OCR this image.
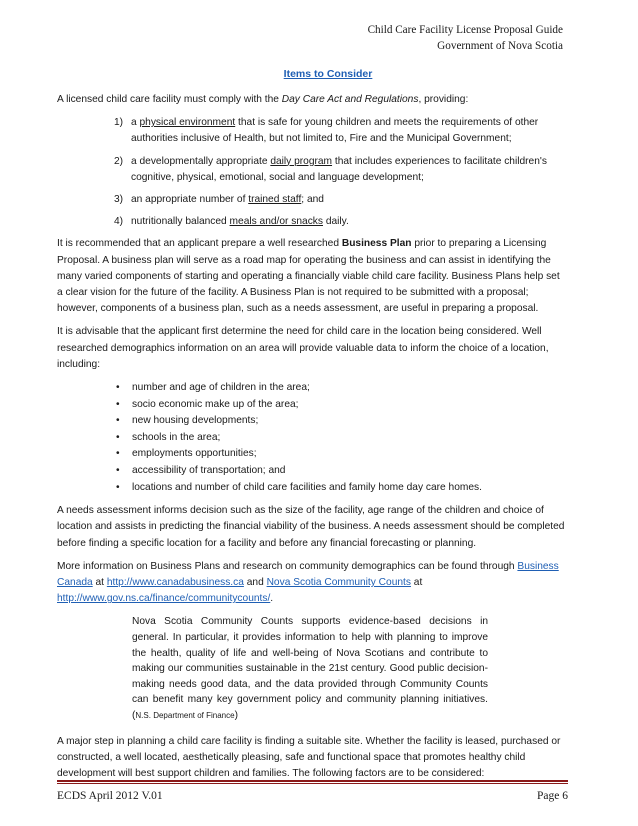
Child Care Facility License Proposal Guide
Government of Nova Scotia
Items to Consider

A licensed child care facility must comply with the Day Care Act and Regulations, providing:

1) a physical environment that is safe for young children and meets the requirements of other authorities inclusive of Health, but not limited to, Fire and the Municipal Government;
2) a developmentally appropriate daily program that includes experiences to facilitate children's cognitive, physical, emotional, social and language development;
3) an appropriate number of trained staff; and
4) nutritionally balanced meals and/or snacks daily.

It is recommended that an applicant prepare a well researched Business Plan prior to preparing a Licensing Proposal. A business plan will serve as a road map for operating the business and can assist in identifying the many varied components of starting and operating a financially viable child care facility. Business Plans help set a clear vision for the future of the facility. A Business Plan is not required to be submitted with a proposal; however, components of a business plan, such as a needs assessment, are useful in preparing a proposal.

It is advisable that the applicant first determine the need for child care in the location being considered. Well researched demographics information on an area will provide valuable data to inform the choice of a location, including:

• number and age of children in the area;
• socio economic make up of the area;
• new housing developments;
• schools in the area;
• employments opportunities;
• accessibility of transportation; and
• locations and number of child care facilities and family home day care homes.

A needs assessment informs decision such as the size of the facility, age range of the children and choice of location and assists in predicting the financial viability of the business. A needs assessment should be completed before finding a specific location for a facility and before any financial forecasting or planning.

More information on Business Plans and research on community demographics can be found through Business Canada at http://www.canadabusiness.ca and Nova Scotia Community Counts at http://www.gov.ns.ca/finance/communitycounts/.

Nova Scotia Community Counts supports evidence-based decisions in general. In particular, it provides information to help with planning to improve the health, quality of life and well-being of Nova Scotians and contribute to making our communities sustainable in the 21st century. Good public decision-making needs good data, and the data provided through Community Counts can benefit many key government policy and community planning initiatives. (N.S. Department of Finance)

A major step in planning a child care facility is finding a suitable site. Whether the facility is leased, purchased or constructed, a well located, aesthetically pleasing, safe and functional space that promotes healthy child development will best support children and families. The following factors are to be considered:

ECDS April 2012 V.01	Page 6
